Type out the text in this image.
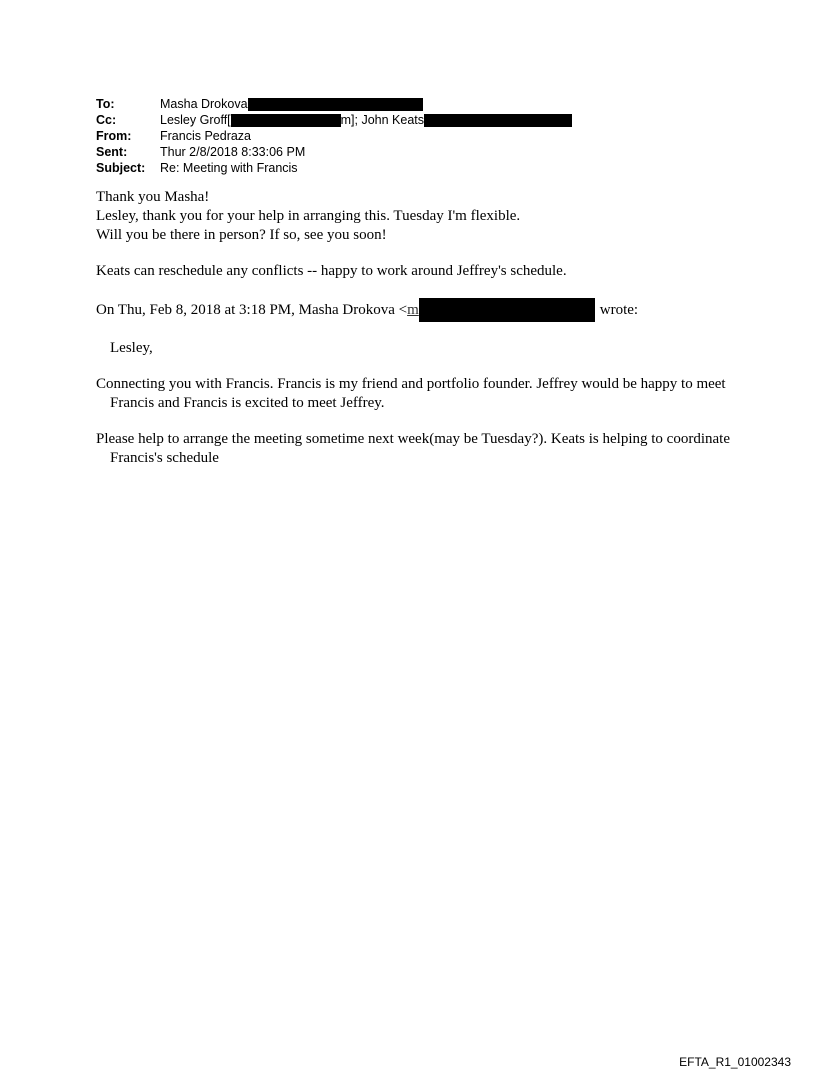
To:	Masha Drokova
Cc:	Lesley Groff[	m]; John Keats
From:	Francis Pedraza
Sent:	Thur 2/8/2018 8:33:06 PM
Subject:	Re: Meeting with Francis

Thank you Masha!

Lesley, thank you for your help in arranging this. Tuesday I'm flexible.

Will you be there in person? If so, see you soon!

Keats can reschedule any conflicts -- happy to work around Jeffrey's schedule.

On Thu, Feb 8, 2018 at 3:18 PM, Masha Drokova < m	wrote:

Lesley,

Connecting you with Francis. Francis is my friend and portfolio founder. Jeffrey would be happy to meet Francis and Francis is excited to meet Jeffrey.

Please help to arrange the meeting sometime next week(may be Tuesday?). Keats is helping to coordinate Francis's schedule

EFTA_R1_01002343
